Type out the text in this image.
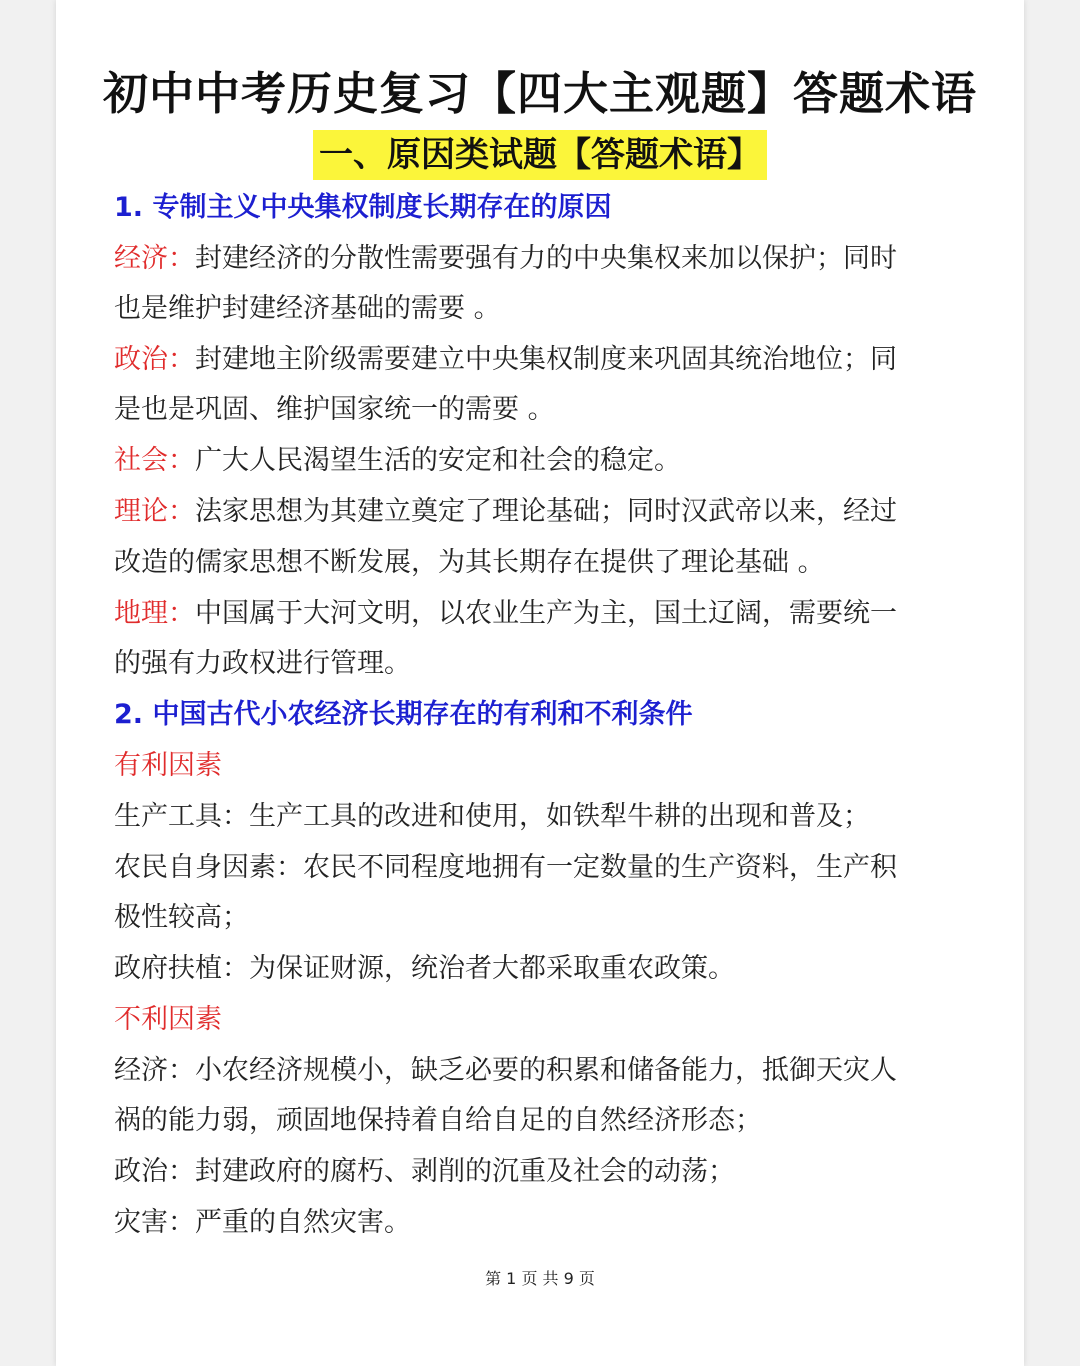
初中中考历史复习【四大主观题】答题术语
一、原因类试题【答题术语】
1. 专制主义中央集权制度长期存在的原因
经济：封建经济的分散性需要强有力的中央集权来加以保护；同时
也是维护封建经济基础的需要 。
政治：封建地主阶级需要建立中央集权制度来巩固其统治地位；同
是也是巩固、维护国家统一的需要 。
社会：广大人民渴望生活的安定和社会的稳定。
理论：法家思想为其建立奠定了理论基础；同时汉武帝以来，经过
改造的儒家思想不断发展，为其长期存在提供了理论基础 。
地理：中国属于大河文明，以农业生产为主，国土辽阔，需要统一
的强有力政权进行管理。
2. 中国古代小农经济长期存在的有利和不利条件
有利因素
生产工具：生产工具的改进和使用，如铁犁牛耕的出现和普及；
农民自身因素：农民不同程度地拥有一定数量的生产资料，生产积
极性较高；
政府扶植：为保证财源，统治者大都采取重农政策。
不利因素
经济：小农经济规模小，缺乏必要的积累和储备能力，抵御天灾人
祸的能力弱，顽固地保持着自给自足的自然经济形态；
政治：封建政府的腐朽、剥削的沉重及社会的动荡；
灾害：严重的自然灾害。
第 1 页 共 9 页
